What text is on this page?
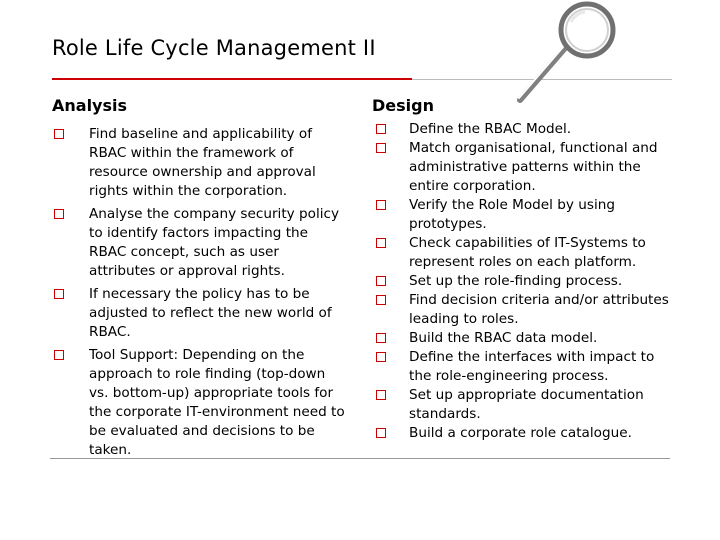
Role Life Cycle Management II
Analysis
Find baseline and applicability of RBAC within the framework of resource ownership and approval rights within the corporation.
Analyse the company security policy to identify factors impacting the RBAC concept, such as user attributes or approval rights.
If necessary the policy has to be adjusted to reflect the new world of RBAC.
Tool Support: Depending on the approach to role finding (top-down vs. bottom-up) appropriate tools for the corporate IT-environment need to be evaluated and decisions to be taken.
Design
Define the RBAC Model.
Match organisational, functional and administrative patterns within the entire corporation.
Verify the Role Model by using prototypes.
Check capabilities of IT-Systems to represent roles on each platform.
Set up the role-finding process.
Find decision criteria and/or attributes leading to roles.
Build the RBAC data model.
Define the interfaces with impact to the role-engineering process.
Set up appropriate documentation standards.
Build a corporate role catalogue.
